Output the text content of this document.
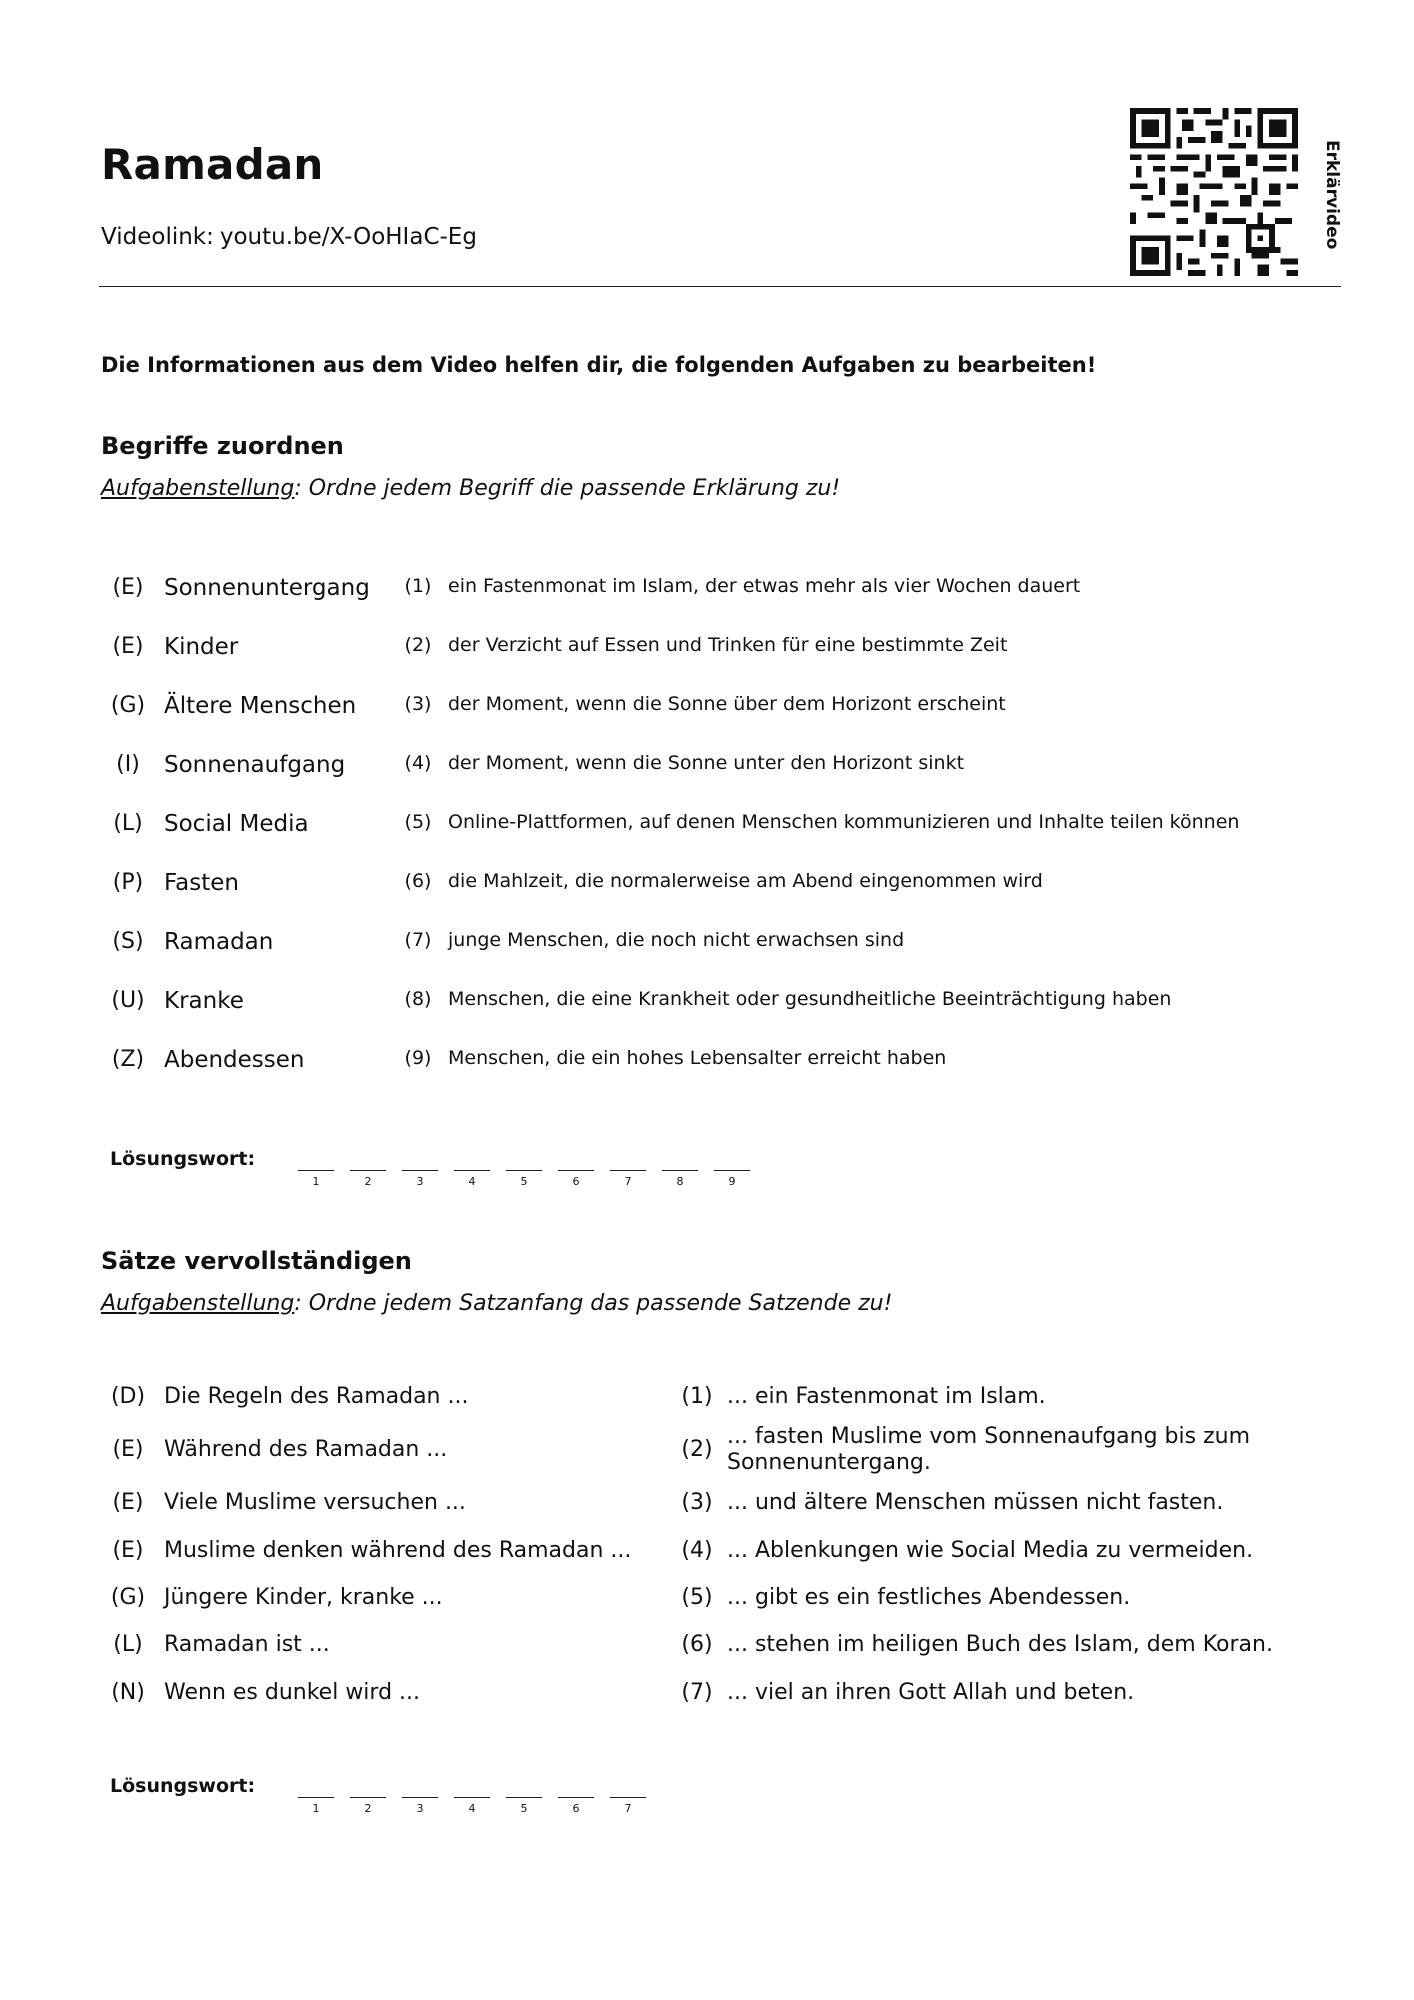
Ramadan
Videolink: youtu.be/X-OoHIaC-Eg	Erklärvideo
Die Informationen aus dem Video helfen dir, die folgenden Aufgaben zu bearbeiten!
Begriffe zuordnen
Aufgabenstellung: Ordne jedem Begriff die passende Erklärung zu!
(E) Sonnenuntergang	(1) ein Fastenmonat im Islam, der etwas mehr als vier Wochen dauert
(E) Kinder	(2) der Verzicht auf Essen und Trinken für eine bestimmte Zeit
(G) Ältere Menschen	(3) der Moment, wenn die Sonne über dem Horizont erscheint
(I)	Sonnenaufgang	(4) der Moment, wenn die Sonne unter den Horizont sinkt
(L) Social Media	(5) Online-Plattformen, auf denen Menschen kommunizieren und Inhalte teilen können
(P) Fasten	(6) die Mahlzeit, die normalerweise am Abend eingenommen wird
(S) Ramadan	(7) junge Menschen, die noch nicht erwachsen sind
(U) Kranke	(8) Menschen, die eine Krankheit oder gesundheitliche Beeinträchtigung haben
(Z) Abendessen	(9) Menschen, die ein hohes Lebensalter erreicht haben
Lösungswort:
1	2	3	4	5	6	7	8	9
Sätze vervollständigen
Aufgabenstellung: Ordne jedem Satzanfang das passende Satzende zu!
(D) Die Regeln des Ramadan ...	(1) ... ein Fastenmonat im Islam.
(E) Während des Ramadan ...	(2)
... fasten Muslime vom Sonnenaufgang bis zum Sonnenuntergang.
(E) Viele Muslime versuchen ...	(3) ... und ältere Menschen müssen nicht fasten.
(E) Muslime denken während des Ramadan ... (4) ... Ablenkungen wie Social Media zu vermeiden.
(G) Jüngere Kinder, kranke ...	(5) ... gibt es ein festliches Abendessen.
(L) Ramadan ist ...	(6) ... stehen im heiligen Buch des Islam, dem Koran.
(N) Wenn es dunkel wird ...	(7) ... viel an ihren Gott Allah und beten.
Lösungswort:
1	2	3	4	5	6	7
